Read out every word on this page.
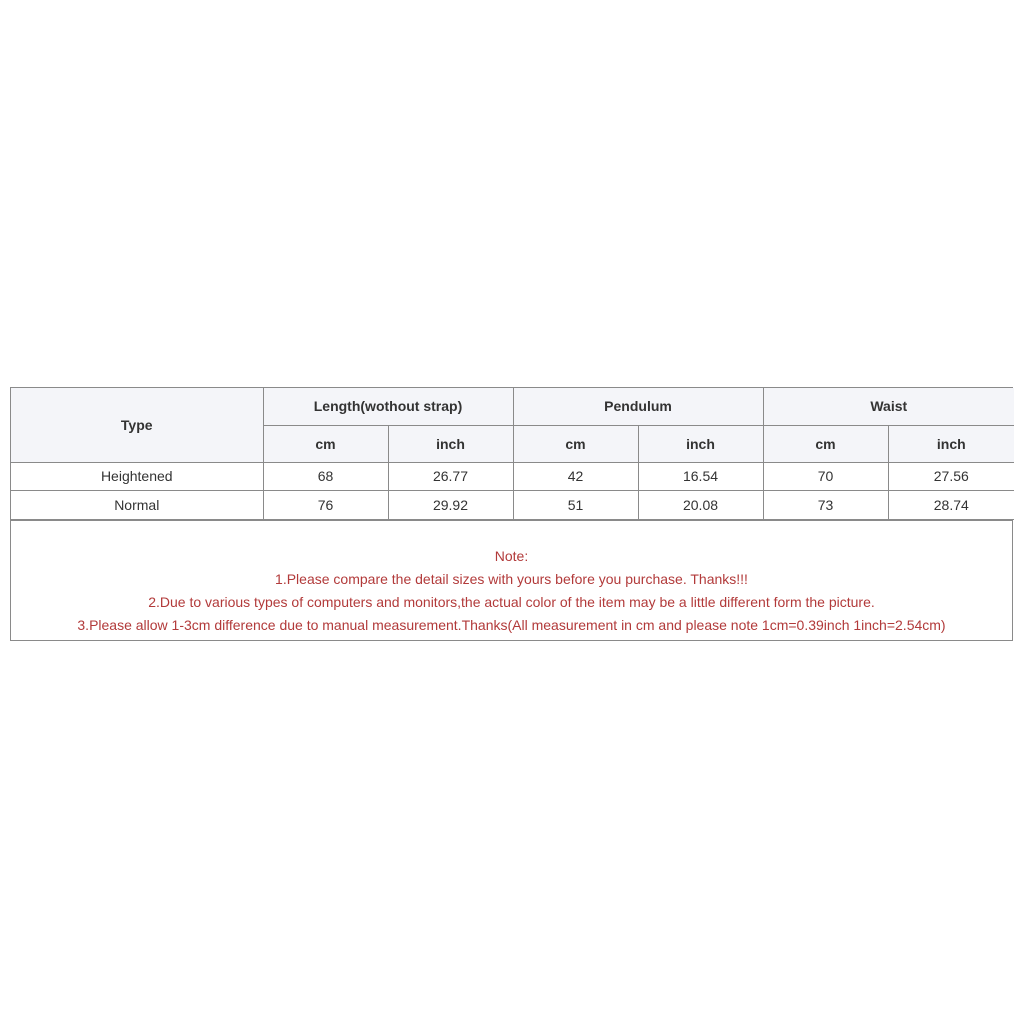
Type	Length(wothout strap)		Pendulum		Waist	
	cm	inch	cm	inch	cm	inch
Heightened	68	26.77	42	16.54	70	27.56
Normal	76	29.92	51	20.08	73	28.74

Note:

1.Please compare the detail sizes with yours before you purchase. Thanks!!!

2.Due to various types of computers and monitors,the actual color of the item may be a little different form the picture.

3.Please allow 1-3cm difference due to manual measurement.Thanks(All measurement in cm and please note 1cm=0.39inch 1inch=2.54cm)
